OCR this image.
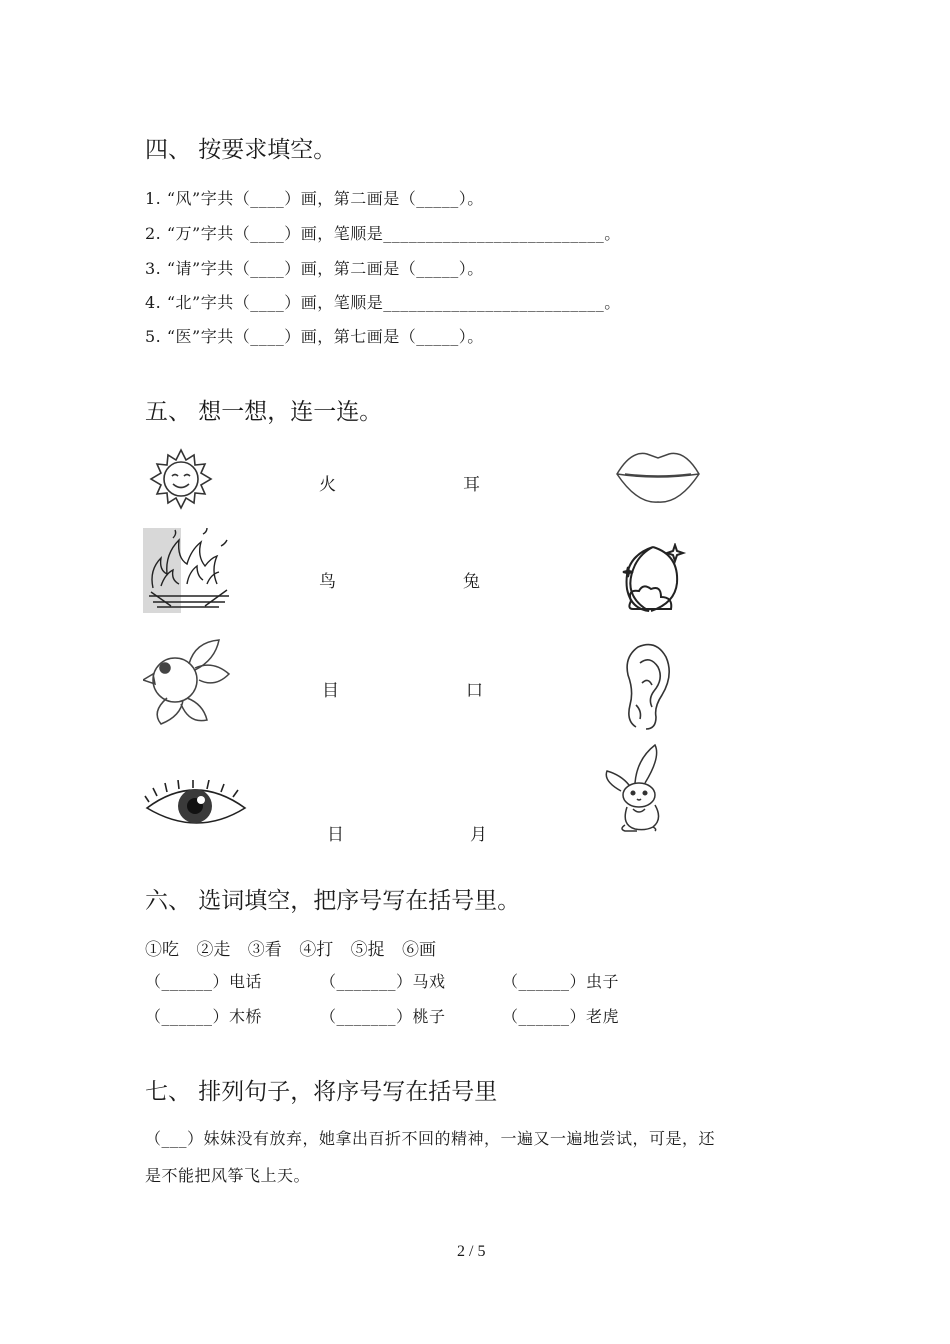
四、 按要求填空。
1. “风”字共（____）画，第二画是（_____）。
2. “万”字共（____）画，笔顺是__________________________。
3. “请”字共（____）画，第二画是（_____）。
4. “北”字共（____）画，笔顺是__________________________。
5. “医”字共（____）画，第七画是（_____）。
五、 想一想，连一连。
火
鸟
目
日
耳
兔
口
月
六、 选词填空，把序号写在括号里。
①吃 ②走 ③看 ④打 ⑤捉 ⑥画
（______）电话	（_______）马戏	（______）虫子
（______）木桥	（_______）桃子	（______）老虎
七、 排列句子，将序号写在括号里
（___）妹妹没有放弃，她拿出百折不回的精神，一遍又一遍地尝试，可是，还
是不能把风筝飞上天。
2 / 5
